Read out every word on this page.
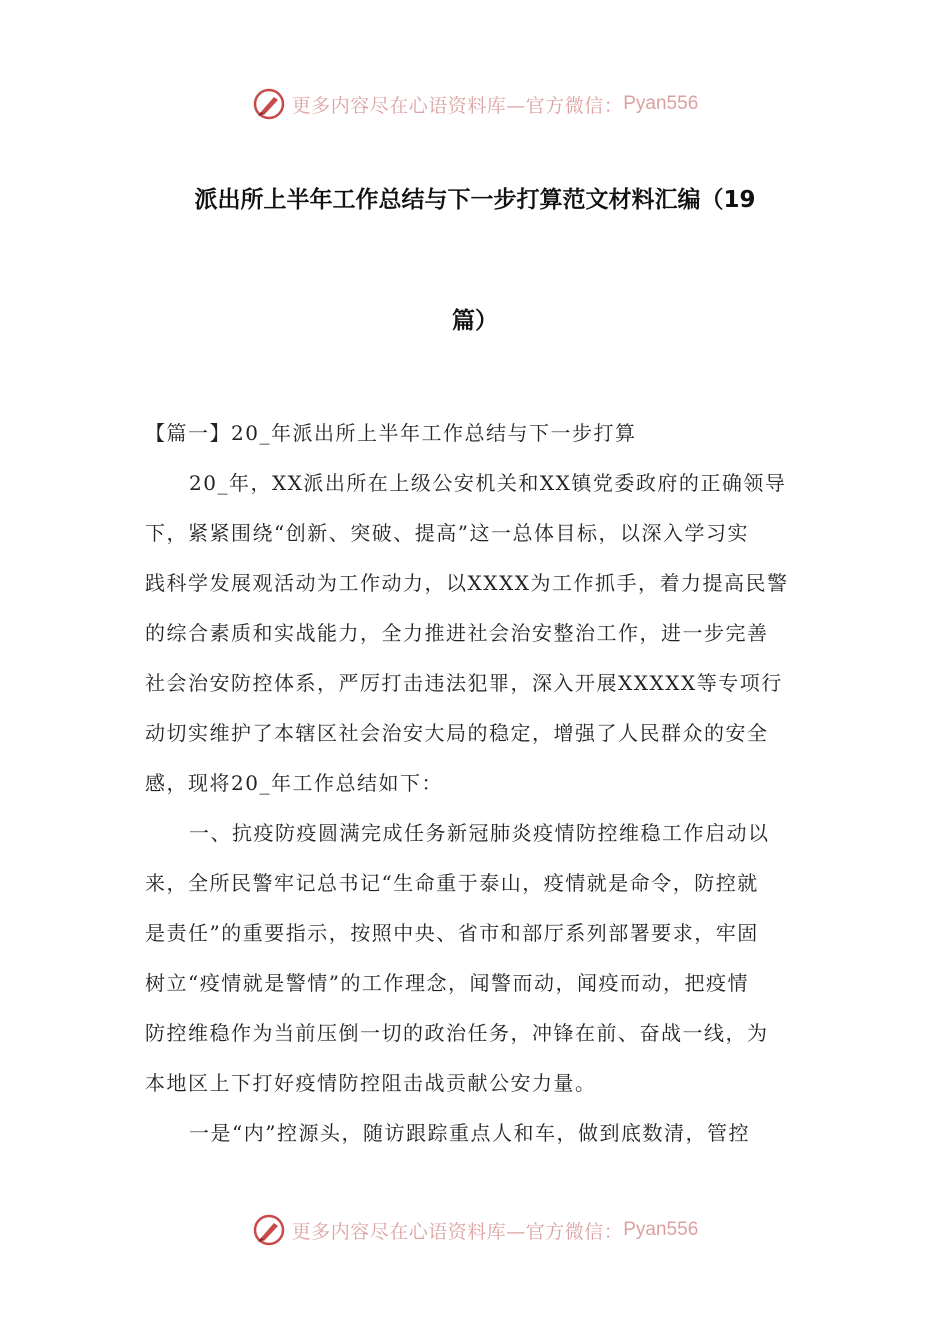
更多内容尽在心语资料库—官方微信： Pyan556
派出所上半年工作总结与下一步打算范文材料汇编（19
篇）
【篇一】20_年派出所上半年工作总结与下一步打算
20_年，XX派出所在上级公安机关和XX镇党委政府的正确领导
下，紧紧围绕“创新、突破、提高”这一总体目标，以深入学习实
践科学发展观活动为工作动力，以XXXX为工作抓手，着力提高民警
的综合素质和实战能力，全力推进社会治安整治工作，进一步完善
社会治安防控体系，严厉打击违法犯罪，深入开展XXXXX等专项行
动切实维护了本辖区社会治安大局的稳定，增强了人民群众的安全
感，现将20_年工作总结如下：
一、抗疫防疫圆满完成任务新冠肺炎疫情防控维稳工作启动以
来，全所民警牢记总书记“生命重于泰山，疫情就是命令，防控就
是责任”的重要指示，按照中央、省市和部厅系列部署要求，牢固
树立“疫情就是警情”的工作理念，闻警而动，闻疫而动，把疫情
防控维稳作为当前压倒一切的政治任务，冲锋在前、奋战一线，为
本地区上下打好疫情防控阻击战贡献公安力量。
一是“内”控源头，随访跟踪重点人和车，做到底数清，管控
更多内容尽在心语资料库—官方微信： Pyan556
